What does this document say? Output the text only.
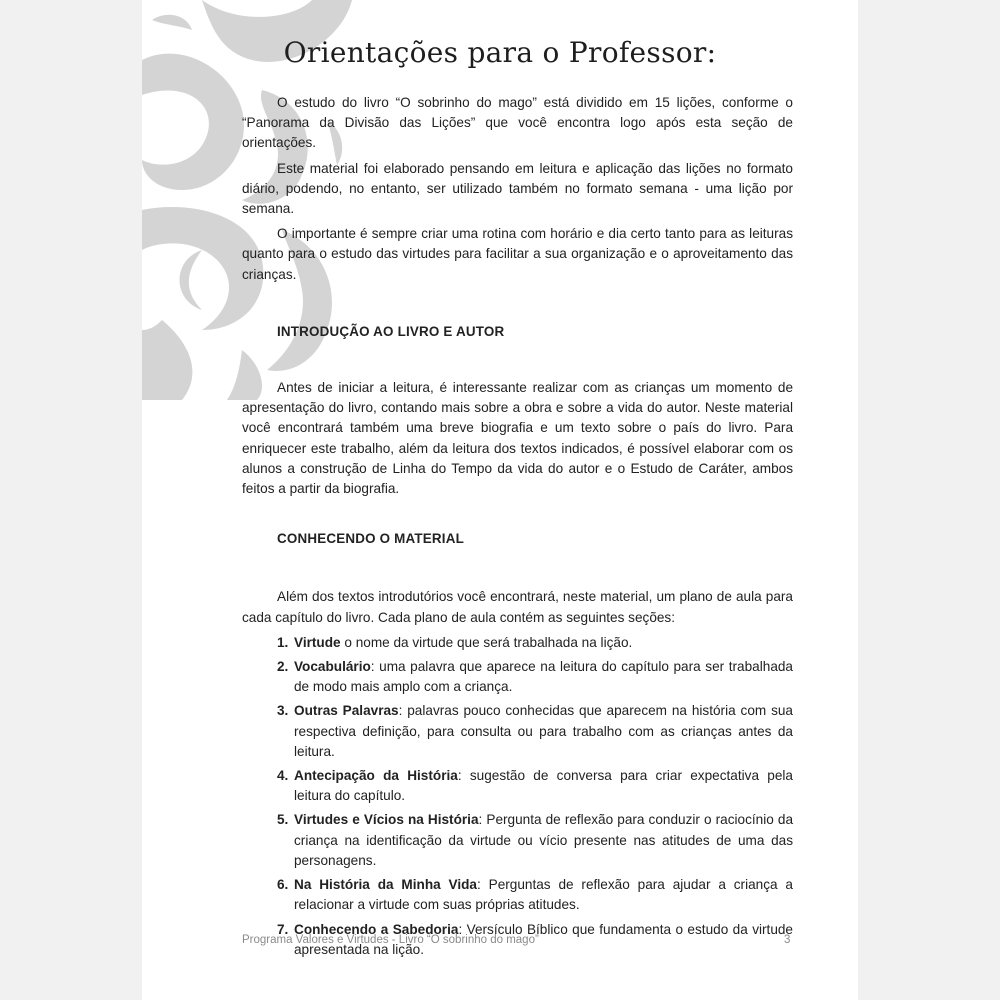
Orientações para o Professor:

O estudo do livro “O sobrinho do mago” está dividido em 15 lições, conforme o “Panorama da Divisão das Lições” que você encontra logo após esta seção de orientações.

Este material foi elaborado pensando em leitura e aplicação das lições no formato diário, podendo, no entanto, ser utilizado também no formato semana - uma lição por semana.

O importante é sempre criar uma rotina com horário e dia certo tanto para as leituras quanto para o estudo das virtudes para facilitar a sua organização e o aproveitamento das crianças.

INTRODUÇÃO AO LIVRO E AUTOR

Antes de iniciar a leitura, é interessante realizar com as crianças um momento de apresentação do livro, contando mais sobre a obra e sobre a vida do autor. Neste material você encontrará também uma breve biografia e um texto sobre o país do livro. Para enriquecer este trabalho, além da leitura dos textos indicados, é possível elaborar com os alunos a construção de Linha do Tempo da vida do autor e o Estudo de Caráter, ambos feitos a partir da biografia.

CONHECENDO O MATERIAL

Além dos textos introdutórios você encontrará, neste material, um plano de aula para cada capítulo do livro. Cada plano de aula contém as seguintes seções:

1. Virtude o nome da virtude que será trabalhada na lição.
2. Vocabulário: uma palavra que aparece na leitura do capítulo para ser trabalhada de modo mais amplo com a criança.
3. Outras Palavras: palavras pouco conhecidas que aparecem na história com sua respectiva definição, para consulta ou para trabalho com as crianças antes da leitura.
4. Antecipação da História: sugestão de conversa para criar expectativa pela leitura do capítulo.
5. Virtudes e Vícios na História: Pergunta de reflexão para conduzir o raciocínio da criança na identificação da virtude ou vício presente nas atitudes de uma das personagens.
6. Na História da Minha Vida: Perguntas de reflexão para ajudar a criança a relacionar a virtude com suas próprias atitudes.
7. Conhecendo a Sabedoria: Versículo Bíblico que fundamenta o estudo da virtude apresentada na lição.
Programa Valores e Virtudes - Livro “O sobrinho do mago”	3
